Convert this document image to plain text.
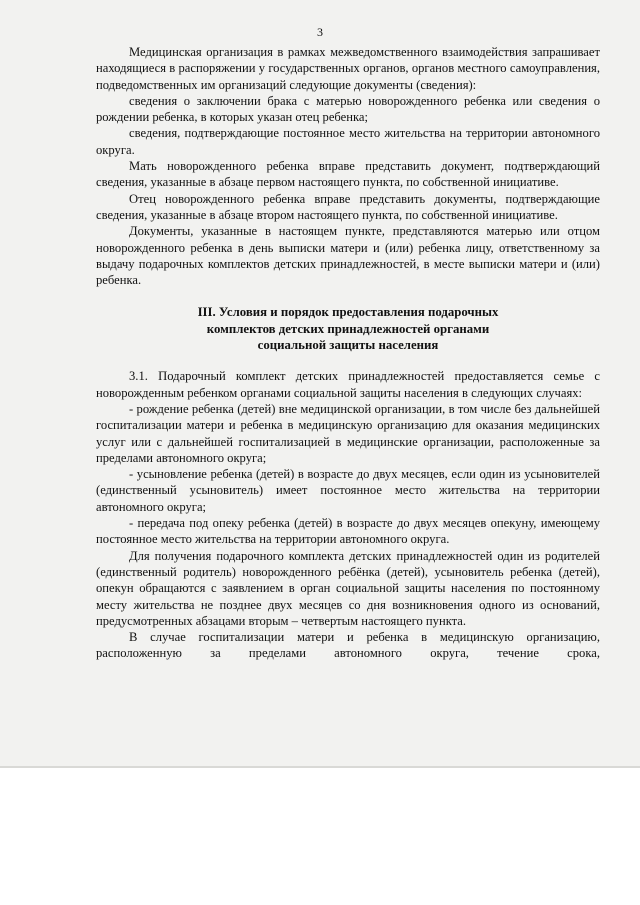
3

Медицинская организация в рамках межведомственного взаимодействия запрашивает находящиеся в распоряжении у государственных органов, органов местного самоуправления, подведомственных им организаций следующие документы (сведения):

сведения о заключении брака с матерью новорожденного ребенка или сведения о рождении ребенка, в которых указан отец ребенка;

сведения, подтверждающие постоянное место жительства на территории автономного округа.

Мать новорожденного ребенка вправе представить документ, подтверждающий сведения, указанные в абзаце первом настоящего пункта, по собственной инициативе.

Отец новорожденного ребенка вправе представить документы, подтверждающие сведения, указанные в абзаце втором настоящего пункта, по собственной инициативе.

Документы, указанные в настоящем пункте, представляются матерью или отцом новорожденного ребенка в день выписки матери и (или) ребенка лицу, ответственному за выдачу подарочных комплектов детских принадлежностей, в месте выписки матери и (или) ребенка.

III. Условия и порядок предоставления подарочных
комплектов детских принадлежностей органами
социальной защиты населения

3.1. Подарочный комплект детских принадлежностей предоставляется семье с новорожденным ребенком органами социальной защиты населения в следующих случаях:

- рождение ребенка (детей) вне медицинской организации, в том числе без дальнейшей госпитализации матери и ребенка в медицинскую организацию для оказания медицинских услуг или с дальнейшей госпитализацией в медицинские организации, расположенные за пределами автономного округа;

- усыновление ребенка (детей) в возрасте до двух месяцев, если один из усыновителей (единственный усыновитель) имеет постоянное место жительства на территории автономного округа;

- передача под опеку ребенка (детей) в возрасте до двух месяцев опекуну, имеющему постоянное место жительства на территории автономного округа.

Для получения подарочного комплекта детских принадлежностей один из родителей (единственный родитель) новорожденного ребёнка (детей), усыновитель ребенка (детей), опекун обращаются с заявлением в орган социальной защиты населения по постоянному месту жительства не позднее двух месяцев со дня возникновения одного из оснований, предусмотренных абзацами вторым – четвертым настоящего пункта.

В случае госпитализации матери и ребенка в медицинскую организацию, расположенную за пределами автономного округа, течение срока,
